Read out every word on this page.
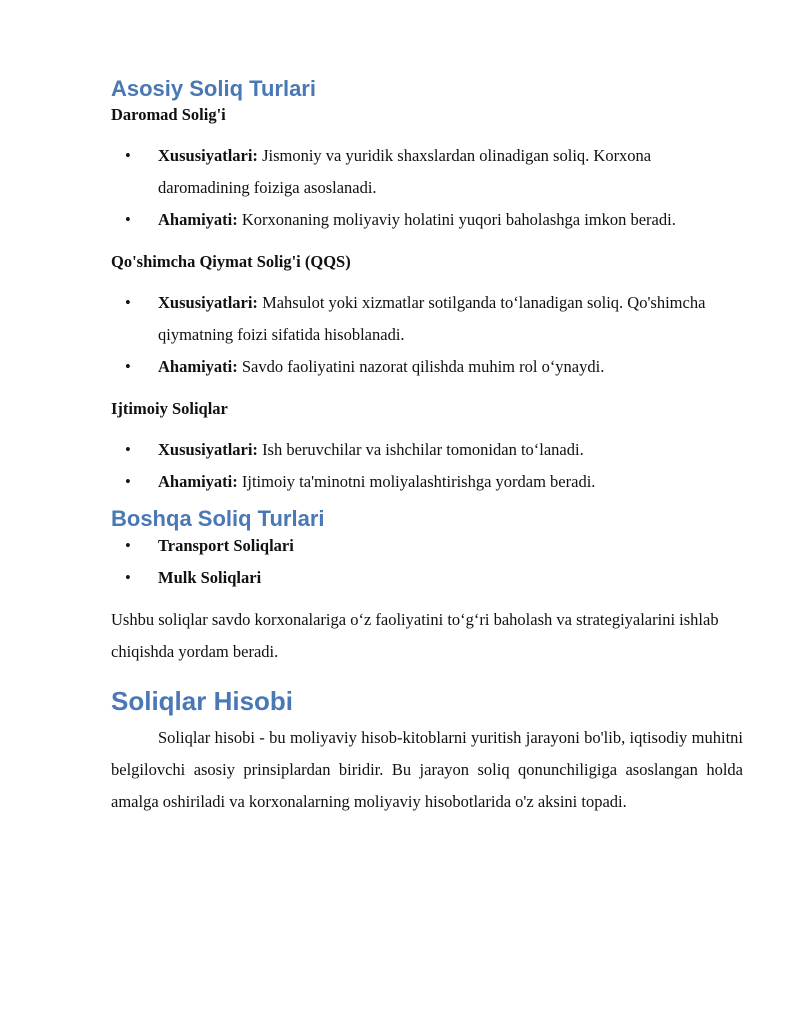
Asosiy Soliq Turlari
Daromad Solig'i
• Xususiyatlari: Jismoniy va yuridik shaxslardan olinadigan soliq. Korxona daromadining foiziga asoslanadi.
• Ahamiyati: Korxonaning moliyaviy holatini yuqori baholashga imkon beradi.
Qo'shimcha Qiymat Solig'i (QQS)
• Xususiyatlari: Mahsulot yoki xizmatlar sotilganda to‘lanadigan soliq. Qo'shimcha qiymatning foizi sifatida hisoblanadi.
• Ahamiyati: Savdo faoliyatini nazorat qilishda muhim rol o‘ynaydi.
Ijtimoiy Soliqlar
• Xususiyatlari: Ish beruvchilar va ishchilar tomonidan to‘lanadi.
• Ahamiyati: Ijtimoiy ta'minotni moliyalashtirishga yordam beradi.
Boshqa Soliq Turlari
• Transport Soliqlari
• Mulk Soliqlari

Ushbu soliqlar savdo korxonalariga o‘z faoliyatini to‘g‘ri baholash va strategiyalarini ishlab chiqishda yordam beradi.

Soliqlar Hisobi

Soliqlar hisobi - bu moliyaviy hisob-kitoblarni yuritish jarayoni bo'lib, iqtisodiy muhitni belgilovchi asosiy prinsiplardan biridir. Bu jarayon soliq qonunchiligiga asoslangan holda amalga oshiriladi va korxonalarning moliyaviy hisobotlarida o'z aksini topadi.
